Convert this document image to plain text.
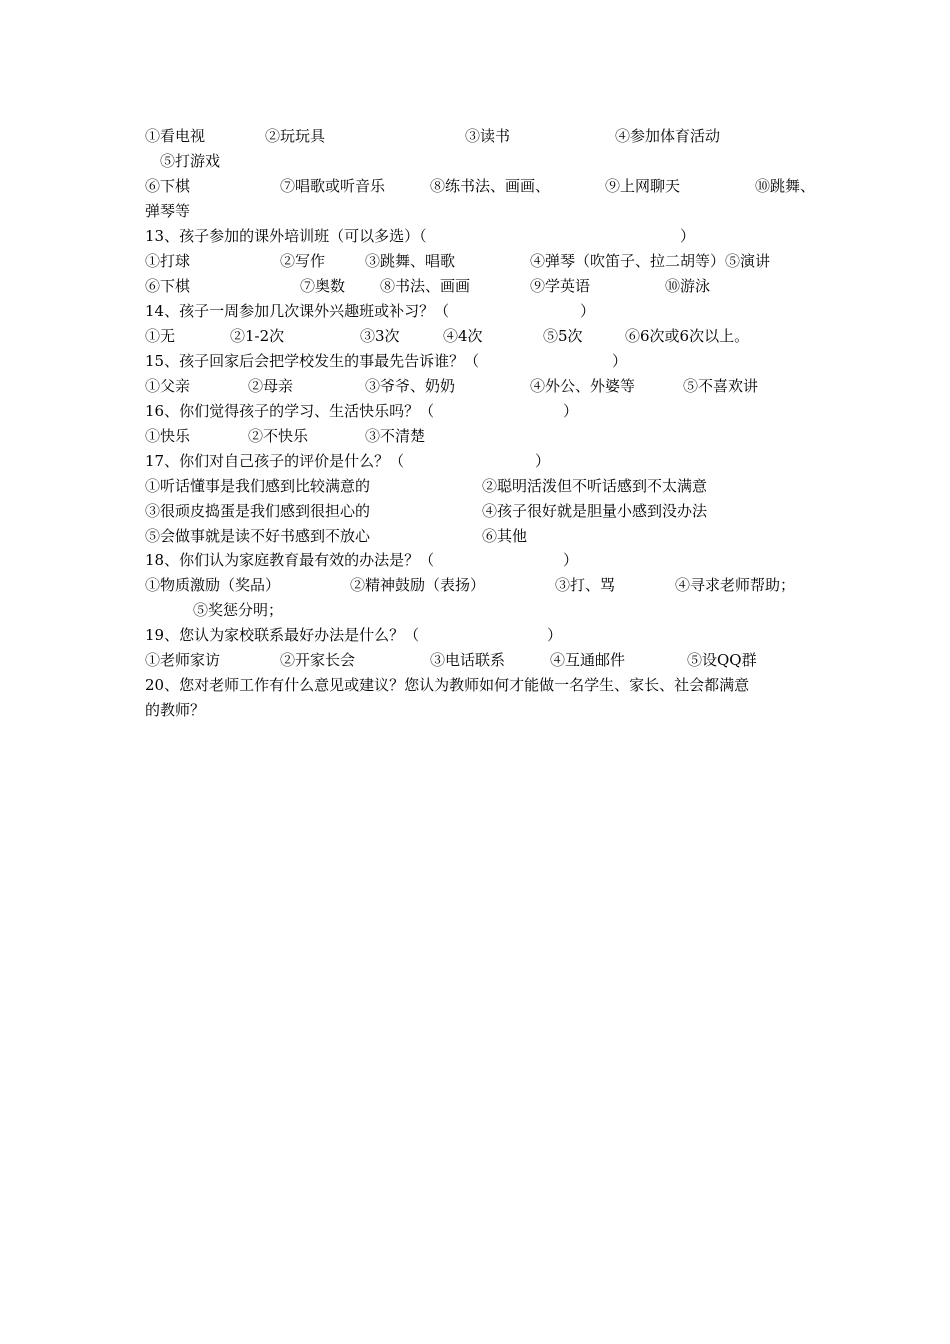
①看电视	②玩玩具	③读书	④参加体育活动
⑤打游戏
⑥下棋	⑦唱歌或听音乐	⑧练书法、画画、	⑨上网聊天	⑩跳舞、
弹琴等
13、孩子参加的课外培训班（可以多选）（	）
①打球	②写作	③跳舞、唱歌	④弹琴（吹笛子、拉二胡等）⑤演讲
⑥下棋	⑦奥数 ⑧书法、画画	⑨学英语	⑩游泳
14、孩子一周参加几次课外兴趣班或补习？（	）
①无	②1-2次	③3次	④4次	⑤5次	⑥6次或6次以上。
15、孩子回家后会把学校发生的事最先告诉谁？（	）
①父亲	②母亲	③爷爷、奶奶	④外公、外婆等	⑤不喜欢讲
16、你们觉得孩子的学习、生活快乐吗？（	）
①快乐	②不快乐	③不清楚
17、你们对自己孩子的评价是什么？（	）
①听话懂事是我们感到比较满意的	②聪明活泼但不听话感到不太满意
③很顽皮捣蛋是我们感到很担心的	④孩子很好就是胆量小感到没办法
⑤会做事就是读不好书感到不放心	⑥其他
18、你们认为家庭教育最有效的办法是？（	）
①物质激励（奖品）	②精神鼓励（表扬）	③打、骂	④寻求老师帮助；
⑤奖惩分明；
19、您认为家校联系最好办法是什么？（	）
①老师家访	②开家长会	③电话联系	④互通邮件	⑤设QQ群
20、您对老师工作有什么意见或建议？您认为教师如何才能做一名学生、家长、社会都满意
的教师？
